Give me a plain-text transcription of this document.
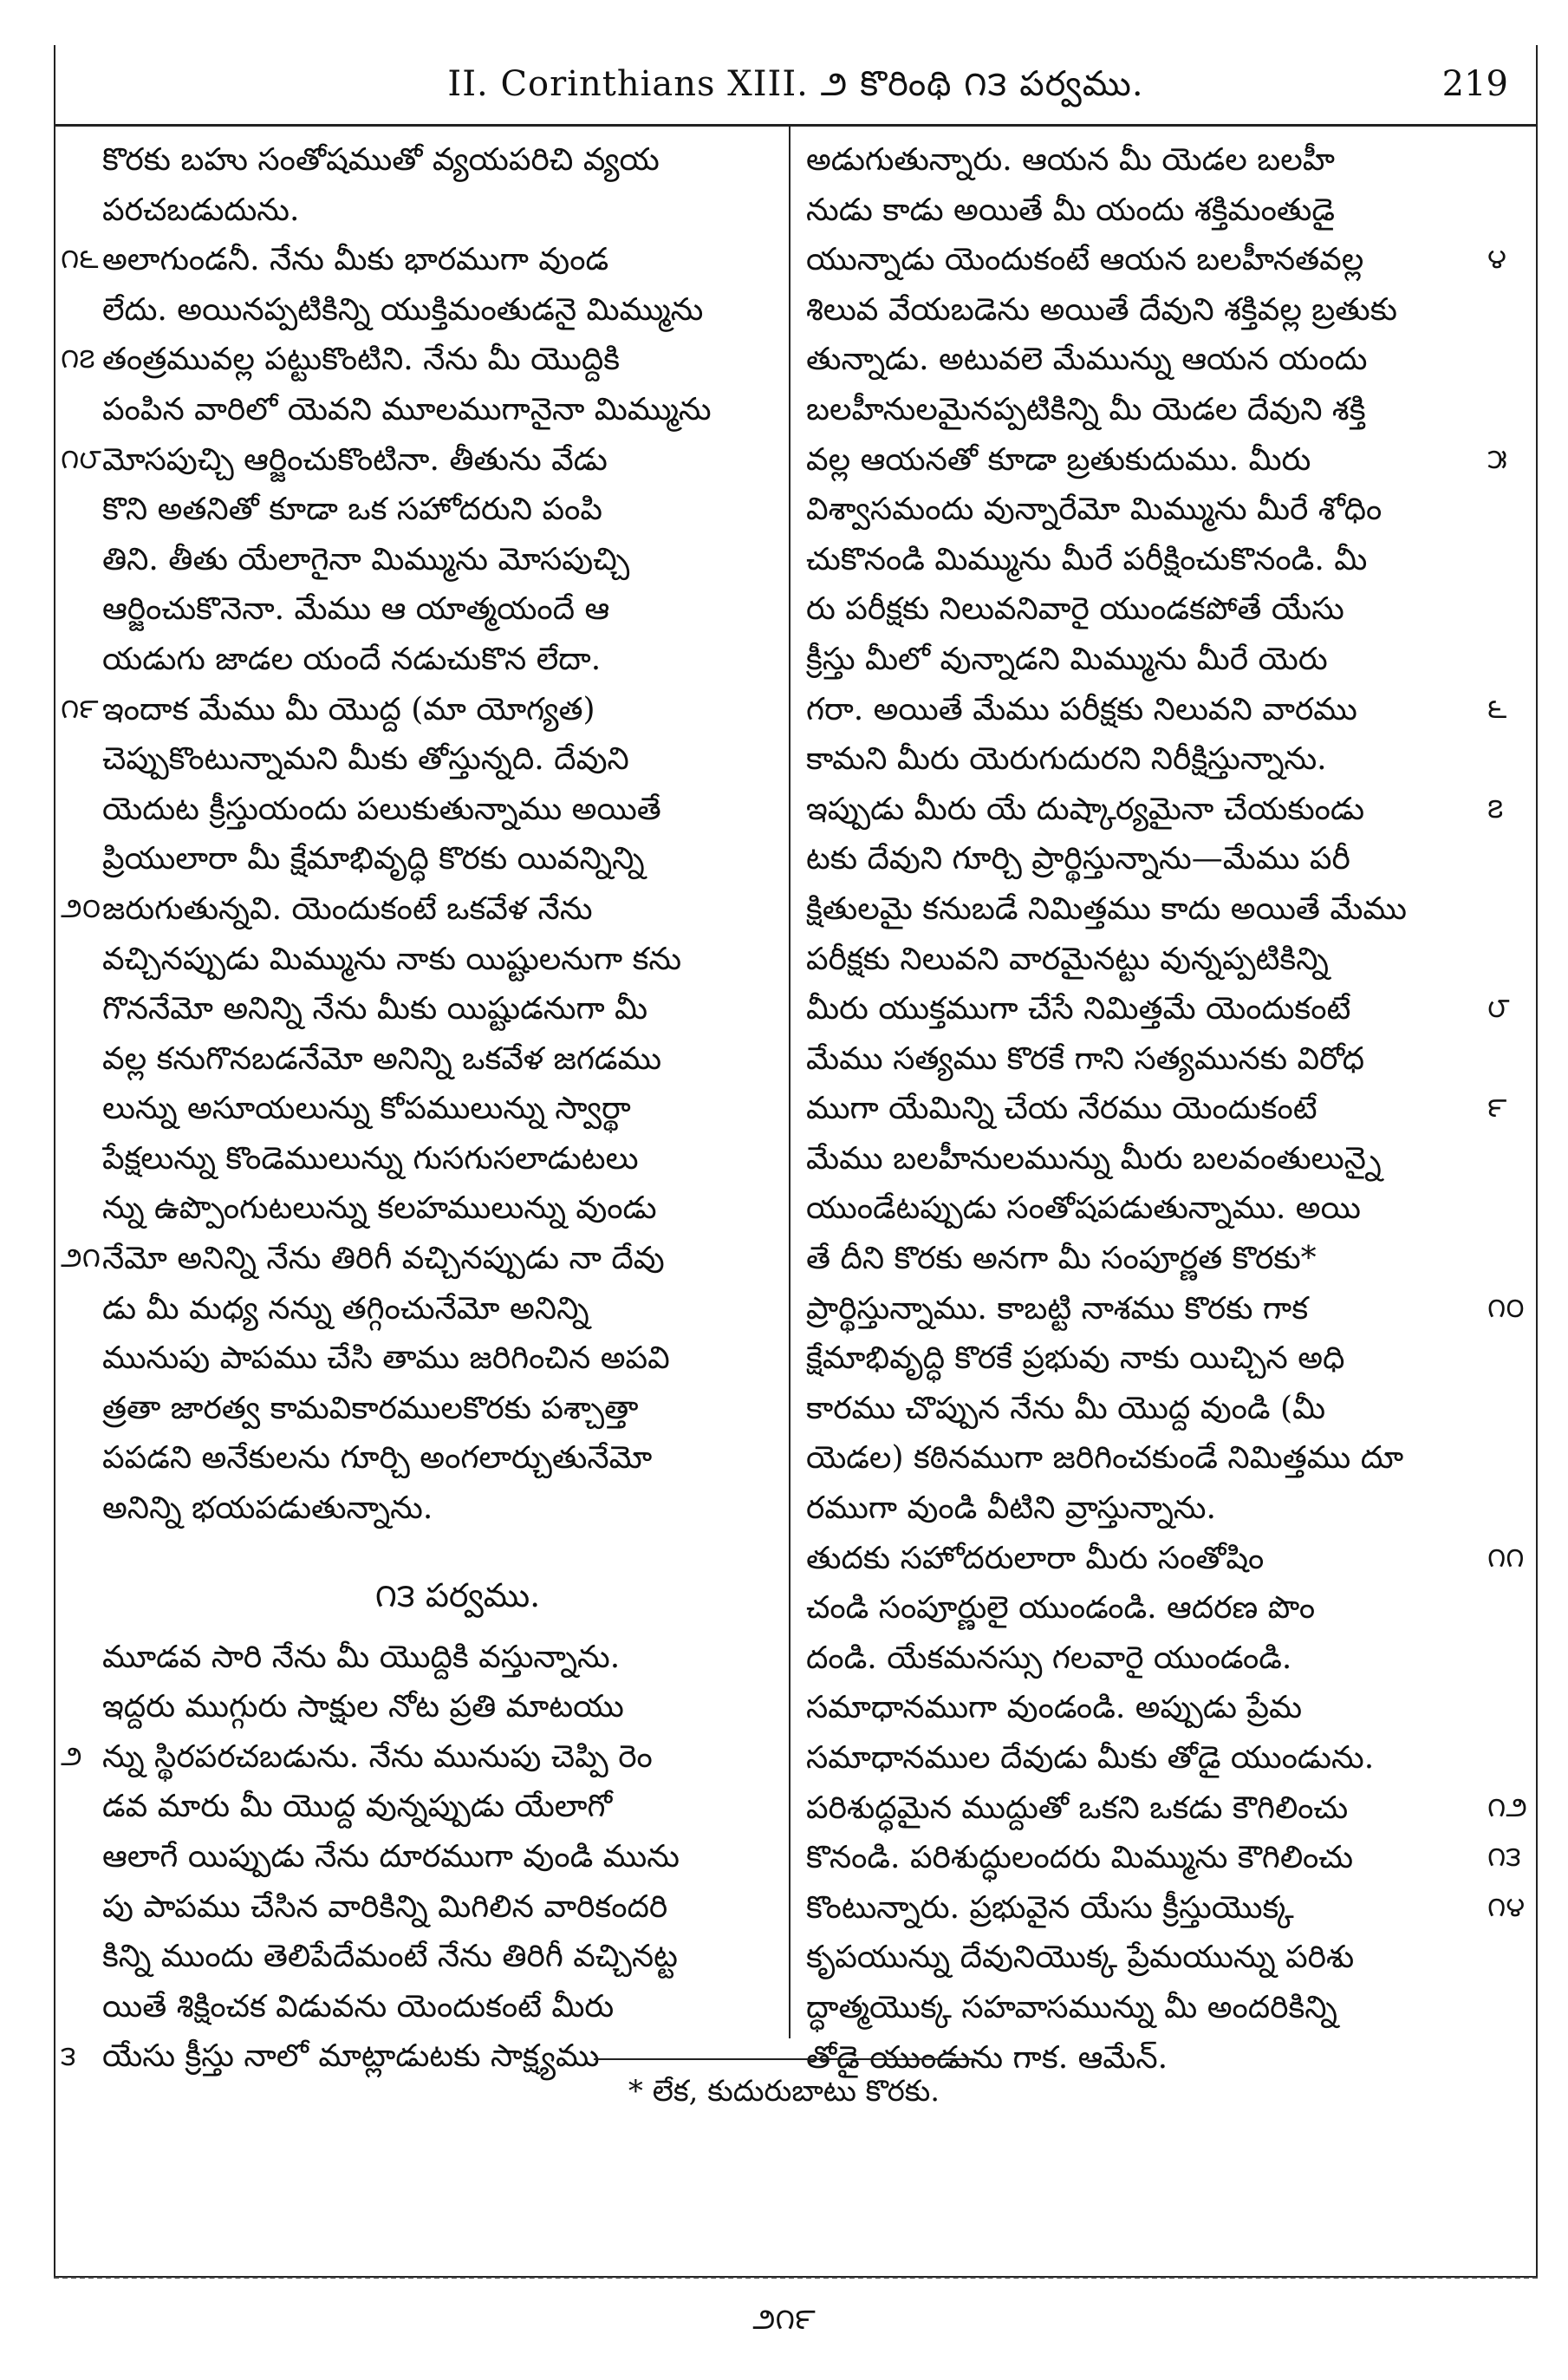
II. Corinthians XIII. ౨ కొరింథి ౧౩ పర్వము.	219
కొరకు బహు సంతోషముతో వ్యయపరిచి వ్యయ
పరచబడుదును.
అలాగుండనీ. నేను మీకు భారముగా వుండ
లేదు. అయినప్పటికిన్ని యుక్తిమంతుడనై మిమ్మును
తంత్రమువల్ల పట్టుకొంటిని. నేను మీ యొద్దికి
పంపిన వారిలో యెవని మూలముగానైనా మిమ్మును
మోసపుచ్చి ఆర్జించుకొంటినా. తీతును వేడు
కొని అతనితో కూడా ఒక సహోదరుని పంపి
తిని. తీతు యేలాగైనా మిమ్మును మోసపుచ్చి
ఆర్జించుకొనెనా. మేము ఆ యాత్మయందే ఆ
యడుగు జాడల యందే నడుచుకొన లేదా.
ఇందాక మేము మీ యొద్ద (మా యోగ్యత)
చెప్పుకొంటున్నామని మీకు తోస్తున్నది. దేవుని
యెదుట క్రీస్తుయందు పలుకుతున్నాము అయితే
ప్రియులారా మీ క్షేమాభివృద్ధి కొరకు యివన్నిన్ని
జరుగుతున్నవి. యెందుకంటే ఒకవేళ నేను
వచ్చినప్పుడు మిమ్మును నాకు యిష్టులనుగా కను
గొననేమో అనిన్ని నేను మీకు యిష్టుడనుగా మీ
వల్ల కనుగొనబడనేమో అనిన్ని ఒకవేళ జగడము
లున్ను అసూయలున్ను కోపములున్ను స్వార్థా
పేక్షలున్ను కొండెములున్ను గుసగుసలాడుటలు
న్ను ఉప్పొంగుటలున్ను కలహములున్ను వుండు
నేమో అనిన్ని నేను తిరిగీ వచ్చినప్పుడు నా దేవు
డు మీ మధ్య నన్ను తగ్గించునేమో అనిన్ని
మునుపు పాపము చేసి తాము జరిగించిన అపవి
త్రతా జారత్వ కామవికారములకొరకు పశ్చాత్తా
పపడని అనేకులను గూర్చి అంగలార్చుతునేమో
అనిన్ని భయపడుతున్నాను.
౧౩ పర్వము.
మూడవ సారి నేను మీ యొద్దికి వస్తున్నాను.
ఇద్దరు ముగ్గురు సాక్షుల నోట ప్రతి మాటయు
న్ను స్థిరపరచబడును. నేను మునుపు చెప్పి రెం
డవ మారు మీ యొద్ద వున్నప్పుడు యేలాగో
ఆలాగే యిప్పుడు నేను దూరముగా వుండి మును
పు పాపము చేసిన వారికిన్ని మిగిలిన వారికందరి
కిన్ని ముందు తెలిపేదేమంటే నేను తిరిగీ వచ్చినట్ట
యితే శిక్షించక విడువను యెందుకంటే మీరు
యేసు క్రీస్తు నాలో మాట్లాడుటకు సాక్ష్యము
అడుగుతున్నారు. ఆయన మీ యెడల బలహీ
నుడు కాడు అయితే మీ యందు శక్తిమంతుడై
యున్నాడు యెందుకంటే ఆయన బలహీనతవల్ల
శిలువ వేయబడెను అయితే దేవుని శక్తివల్ల బ్రతుకు
తున్నాడు. అటువలె మేమున్ను ఆయన యందు
బలహీనులమైనప్పటికిన్ని మీ యెడల దేవుని శక్తి
వల్ల ఆయనతో కూడా బ్రతుకుదుము. మీరు
విశ్వాసమందు వున్నారేమో మిమ్మును మీరే శోధిం
చుకొనండి మిమ్మును మీరే పరీక్షించుకొనండి. మీ
రు పరీక్షకు నిలువనివారై యుండకపోతే యేసు
క్రీస్తు మీలో వున్నాడని మిమ్మును మీరే యెరు
గరా. అయితే మేము పరీక్షకు నిలువని వారము
కామని మీరు యెరుగుదురని నిరీక్షిస్తున్నాను.
ఇప్పుడు మీరు యే దుష్కార్యమైనా చేయకుండు
టకు దేవుని గూర్చి ప్రార్థిస్తున్నాను—మేము పరీ
క్షితులమై కనుబడే నిమిత్తము కాదు అయితే మేము
పరీక్షకు నిలువని వారమైనట్టు వున్నప్పటికిన్ని
మీరు యుక్తముగా చేసే నిమిత్తమే యెందుకంటే
మేము సత్యము కొరకే గాని సత్యమునకు విరోధ
ముగా యేమిన్ని చేయ నేరము యెందుకంటే
మేము బలహీనులమున్ను మీరు బలవంతులున్నై
యుండేటప్పుడు సంతోషపడుతున్నాము. అయి
తే దీని కొరకు అనగా మీ సంపూర్ణత కొరకు*
ప్రార్థిస్తున్నాము. కాబట్టి నాశము కొరకు గాక
క్షేమాభివృద్ధి కొరకే ప్రభువు నాకు యిచ్చిన అధి
కారము చొప్పున నేను మీ యొద్ద వుండి (మీ
యెడల) కఠినముగా జరిగించకుండే నిమిత్తము దూ
రముగా వుండి వీటిని వ్రాస్తున్నాను.
తుదకు సహోదరులారా మీరు సంతోషిం
చండి సంపూర్ణులై యుండండి. ఆదరణ పొం
దండి. యేకమనస్సు గలవారై యుండండి.
సమాధానముగా వుండండి. అప్పుడు ప్రేమ
సమాధానముల దేవుడు మీకు తోడై యుండును.
పరిశుద్ధమైన ముద్దుతో ఒకని ఒకడు కౌగిలించు
కొనండి. పరిశుద్ధులందరు మిమ్మును కౌగిలించు
కొంటున్నారు. ప్రభువైన యేసు క్రీస్తుయొక్క
కృపయున్ను దేవునియొక్క ప్రేమయున్ను పరిశు
ద్ధాత్మయొక్క సహవాసమున్ను మీ అందరికిన్ని
తోడై యుండును గాక. ఆమేన్.
* లేక, కుదురుబాటు కొరకు.
౨౧౯
౧౬
౧౭
౧౮
౧౯
౨౦
౨౧
౨
౩
౪
౫
౬
౭
౮
౯
౧౦
౧౧
౧౨
౧౩
౧౪
